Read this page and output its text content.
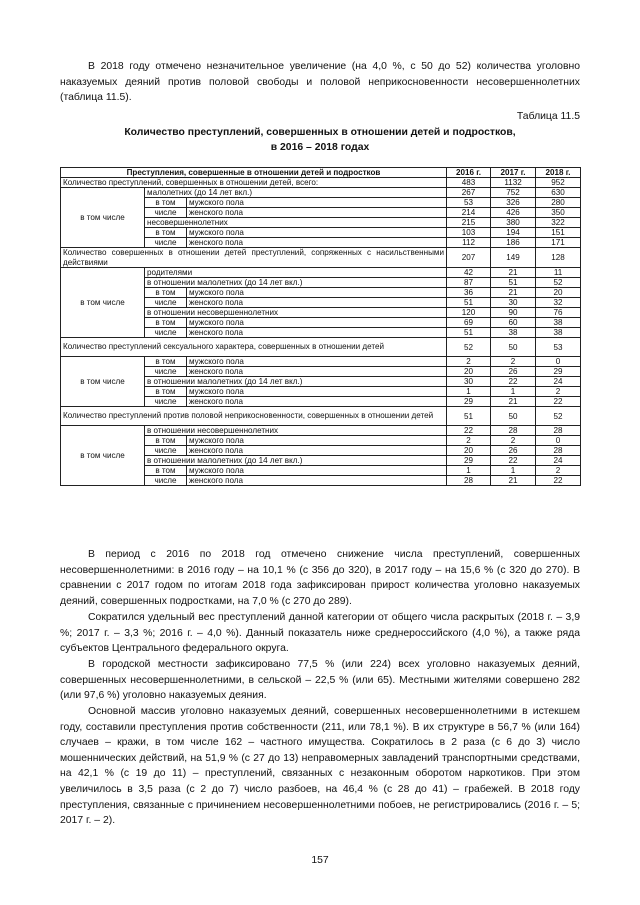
В 2018 году отмечено незначительное увеличение (на 4,0 %, с 50 до 52) количества уголовно наказуемых деяний против половой свободы и половой неприкосновенности несовершеннолетних (таблица 11.5).

Таблица 11.5

Количество преступлений, совершенных в отношении детей и подростков,
в 2016 – 2018 годах

Преступления, совершенные в отношении детей и подростков			2016 г.	2017 г.	2018 г.
Количество преступлений, совершенных в отношении детей, всего:			483	1132	952
в том числе	малолетних (до 14 лет вкл.)		267	752	630
	в том	мужского пола	53	326	280
	числе	женского пола	214	426	350
	несовершеннолетних		215	380	322
	в том	мужского пола	103	194	151
	числе	женского пола	112	186	171
Количество совершенных в отношении детей преступлений, сопряженных с насильственными действиями			207	149	128
в том числе	родителями		42	21	11
	в отношении малолетних (до 14 лет вкл.)		87	51	52
	в том	мужского пола	36	21	20
	числе	женского пола	51	30	32
	в отношении несовершеннолетних		120	90	76
	в том	мужского пола	69	60	38
	числе	женского пола	51	38	38
Количество преступлений сексуального характера, совершенных в отношении детей			52	50	53
в том числе	в том	мужского пола	2	2	0
	числе	женского пола	20	26	29
	в отношении малолетних (до 14 лет вкл.)		30	22	24
	в том	мужского пола	1	1	2
	числе	женского пола	29	21	22
Количество преступлений против половой неприкосновенности, совершенных в отношении детей			51	50	52
в том числе	в отношении несовершеннолетних		22	28	28
	в том	мужского пола	2	2	0
	числе	женского пола	20	26	28
	в отношении малолетних (до 14 лет вкл.)		29	22	24
	в том	мужского пола	1	1	2
	числе	женского пола	28	21	22

В период с 2016 по 2018 год отмечено снижение числа преступлений, совершенных несовершеннолетними: в 2016 году – на 10,1 % (с 356 до 320), в 2017 году – на 15,6 % (с 320 до 270). В сравнении с 2017 годом по итогам 2018 года зафиксирован прирост количества уголовно наказуемых деяний, совершенных подростками, на 7,0 % (с 270 до 289).

Сократился удельный вес преступлений данной категории от общего числа раскрытых (2018 г. – 3,9 %; 2017 г. – 3,3 %; 2016 г. – 4,0 %). Данный показатель ниже среднероссийского (4,0 %), а также ряда субъектов Центрального федерального округа.

В городской местности зафиксировано 77,5 % (или 224) всех уголовно наказуемых деяний, совершенных несовершеннолетними, в сельской – 22,5 % (или 65). Местными жителями совершено 282 (или 97,6 %) уголовно наказуемых деяния.

Основной массив уголовно наказуемых деяний, совершенных несовершеннолетними в истекшем году, составили преступления против собственности (211, или 78,1 %). В их структуре в 56,7 % (или 164) случаев – кражи, в том числе 162 – частного имущества. Сократилось в 2 раза (с 6 до 3) число мошеннических действий, на 51,9 % (с 27 до 13) неправомерных завладений транспортными средствами, на 42,1 % (с 19 до 11) – преступлений, связанных с незаконным оборотом наркотиков. При этом увеличилось в 3,5 раза (с 2 до 7) число разбоев, на 46,4 % (с 28 до 41) – грабежей. В 2018 году преступления, связанные с причинением несовершеннолетними побоев, не регистрировались (2016 г. – 5; 2017 г. – 2).

157
